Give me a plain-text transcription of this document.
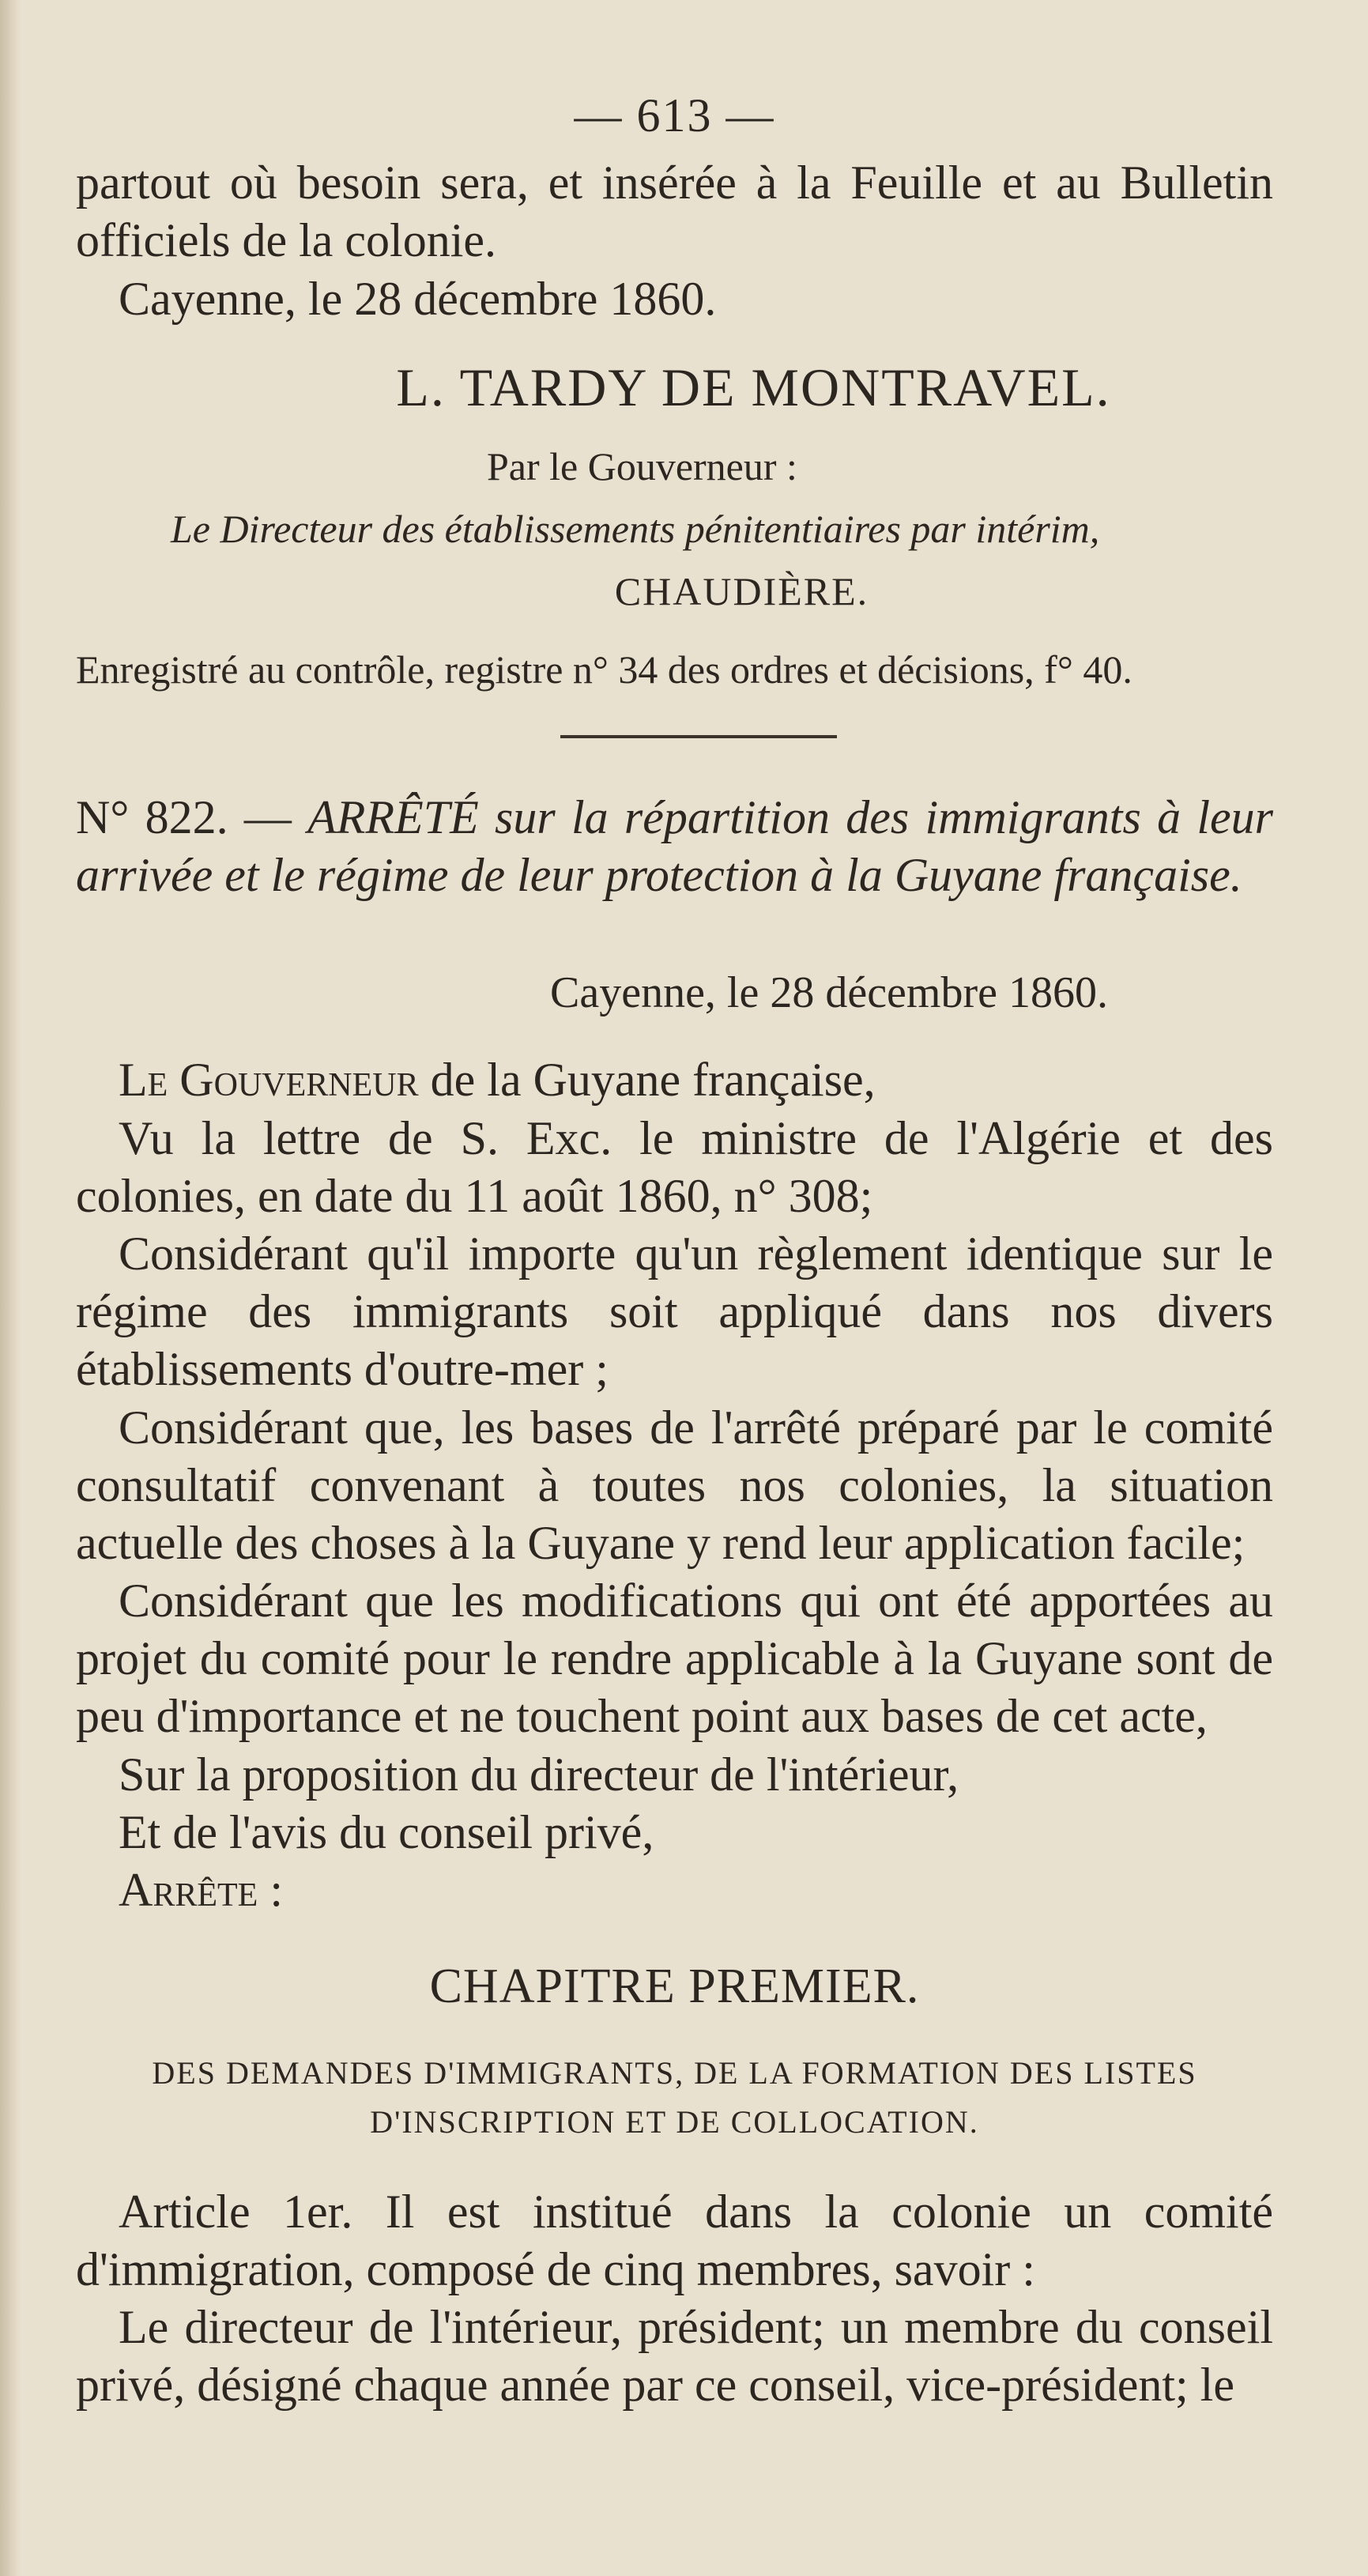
— 613 —

partout où besoin sera, et insérée à la Feuille et au Bulletin officiels de la colonie.

Cayenne, le 28 décembre 1860.

L. TARDY DE MONTRAVEL.
Par le Gouverneur :
Le Directeur des établissements pénitentiaires par intérim,
CHAUDIÈRE.
Enregistré au contrôle, registre n° 34 des ordres et décisions, f° 40.

N° 822. — ARRÊTÉ sur la répartition des immigrants à leur arrivée et le régime de leur protection à la Guyane française.

Cayenne, le 28 décembre 1860.

Le Gouverneur de la Guyane française,

Vu la lettre de S. Exc. le ministre de l'Algérie et des colonies, en date du 11 août 1860, n° 308;

Considérant qu'il importe qu'un règlement identique sur le régime des immigrants soit appliqué dans nos divers établissements d'outre-mer ;

Considérant que, les bases de l'arrêté préparé par le comité consultatif convenant à toutes nos colonies, la situation actuelle des choses à la Guyane y rend leur application facile;

Considérant que les modifications qui ont été apportées au projet du comité pour le rendre applicable à la Guyane sont de peu d'importance et ne touchent point aux bases de cet acte,

Sur la proposition du directeur de l'intérieur,

Et de l'avis du conseil privé,

Arrête :

CHAPITRE PREMIER.
DES DEMANDES D'IMMIGRANTS, DE LA FORMATION DES LISTES D'INSCRIPTION ET DE COLLOCATION.

Article 1er. Il est institué dans la colonie un comité d'immigration, composé de cinq membres, savoir :

Le directeur de l'intérieur, président; un membre du conseil privé, désigné chaque année par ce conseil, vice-président; le
